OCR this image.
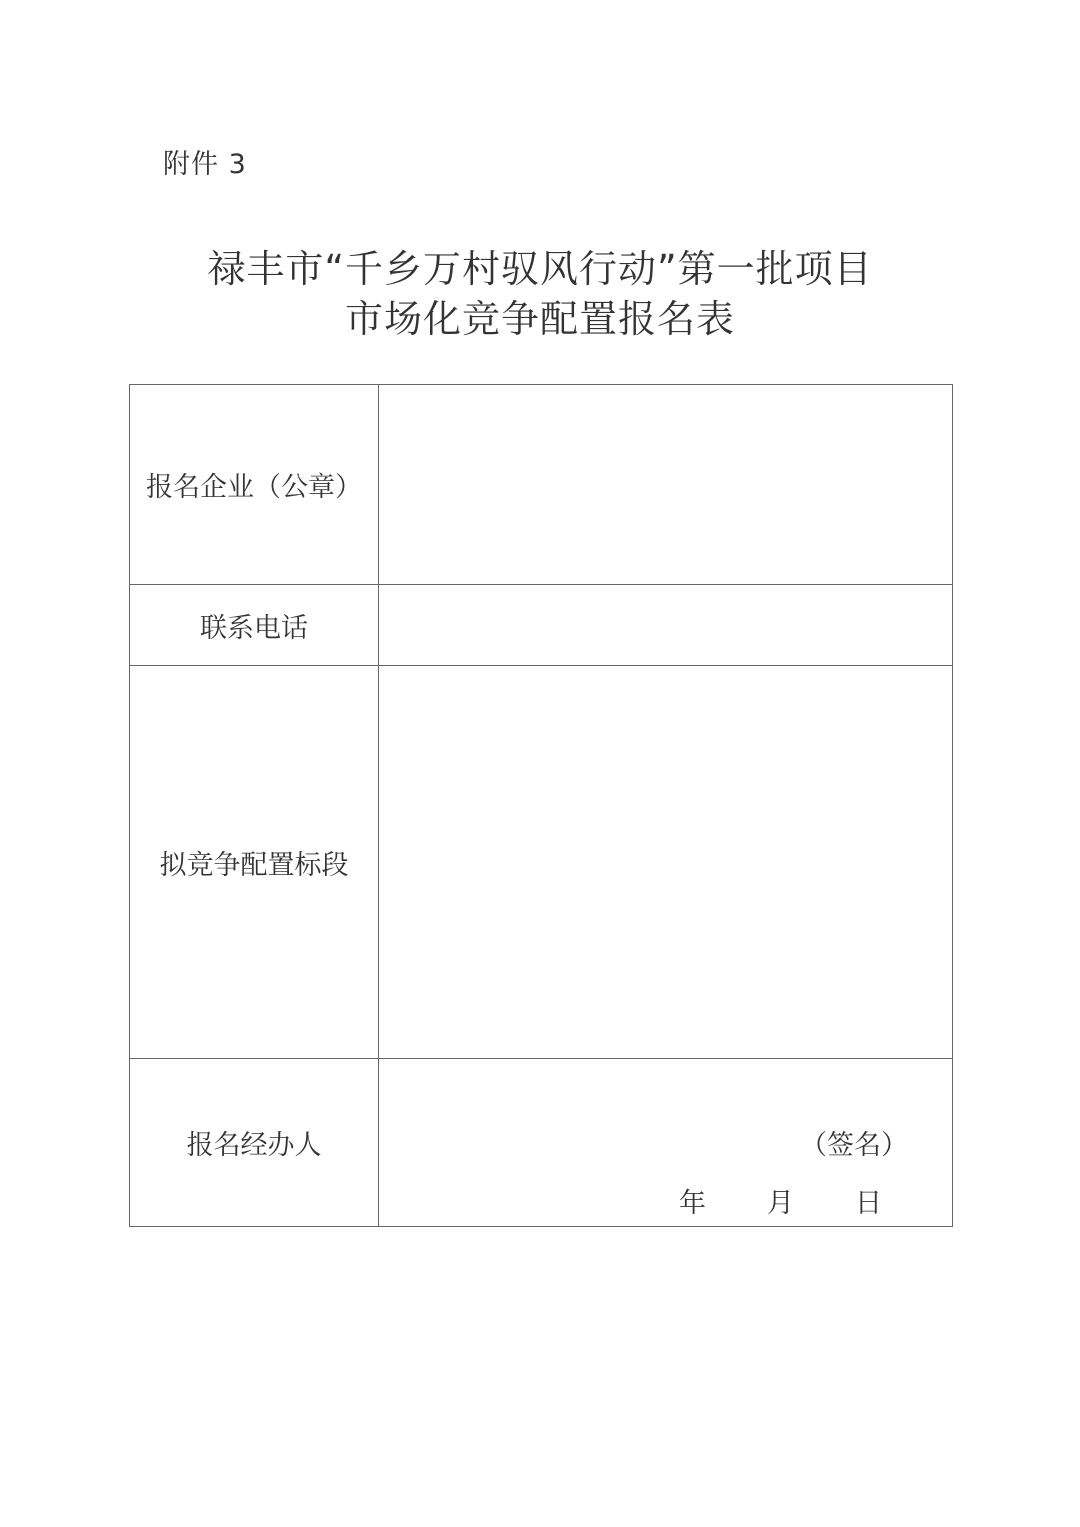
附件 3
禄丰市“千乡万村驭风行动”第一批项目
市场化竞争配置报名表
报名企业（公章）	
联系电话	
拟竞争配置标段	
报名经办人	（签名）
年 月 日
